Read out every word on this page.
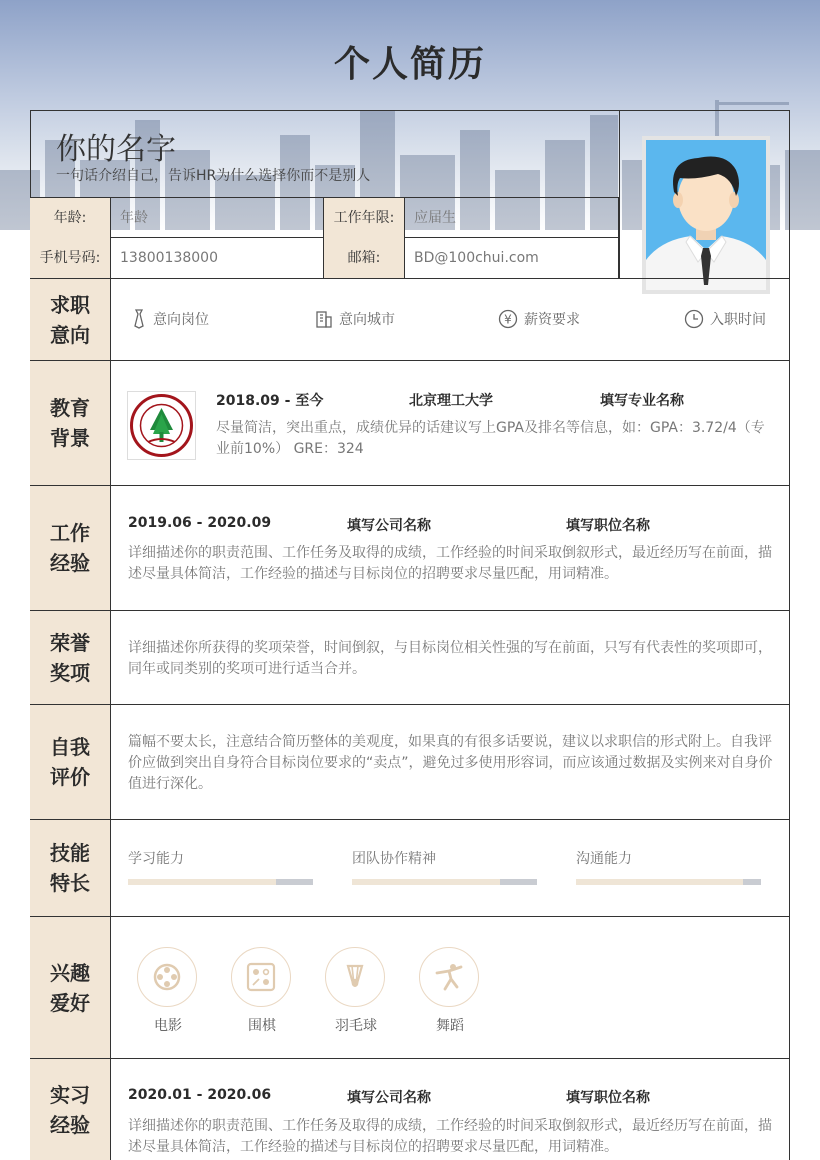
个人简历
你的名字
一句话介绍自己，告诉HR为什么选择你而不是别人
年龄:	年龄	工作年限:	应届生
手机号码:	13800138000	邮箱:	BD@100chui.com
求职意向
意向岗位	意向城市	¥ 薪资要求	入职时间
教育背景
2018.09 - 至今	北京理工大学	填写专业名称
尽量简洁，突出重点，成绩优异的话建议写上GPA及排名等信息，如：GPA：3.72/4（专业前10%） GRE：324
工作经验
2019.06 - 2020.09	填写公司名称	填写职位名称
详细描述你的职责范围、工作任务及取得的成绩，工作经验的时间采取倒叙形式，最近经历写在前面，描述尽量具体简洁，工作经验的描述与目标岗位的招聘要求尽量匹配，用词精准。
荣誉奖项
详细描述你所获得的奖项荣誉，时间倒叙，与目标岗位相关性强的写在前面，只写有代表性的奖项即可，同年或同类别的奖项可进行适当合并。
自我评价
篇幅不要太长，注意结合简历整体的美观度，如果真的有很多话要说，建议以求职信的形式附上。自我评价应做到突出自身符合目标岗位要求的“卖点”，避免过多使用形容词，而应该通过数据及实例来对自身价值进行深化。
技能特长
学习能力	团队协作精神	沟通能力
兴趣爱好
电影	围棋	羽毛球	舞蹈
实习经验
2020.01 - 2020.06	填写公司名称	填写职位名称
详细描述你的职责范围、工作任务及取得的成绩，工作经验的时间采取倒叙形式，最近经历写在前面，描述尽量具体简洁，工作经验的描述与目标岗位的招聘要求尽量匹配，用词精准。
